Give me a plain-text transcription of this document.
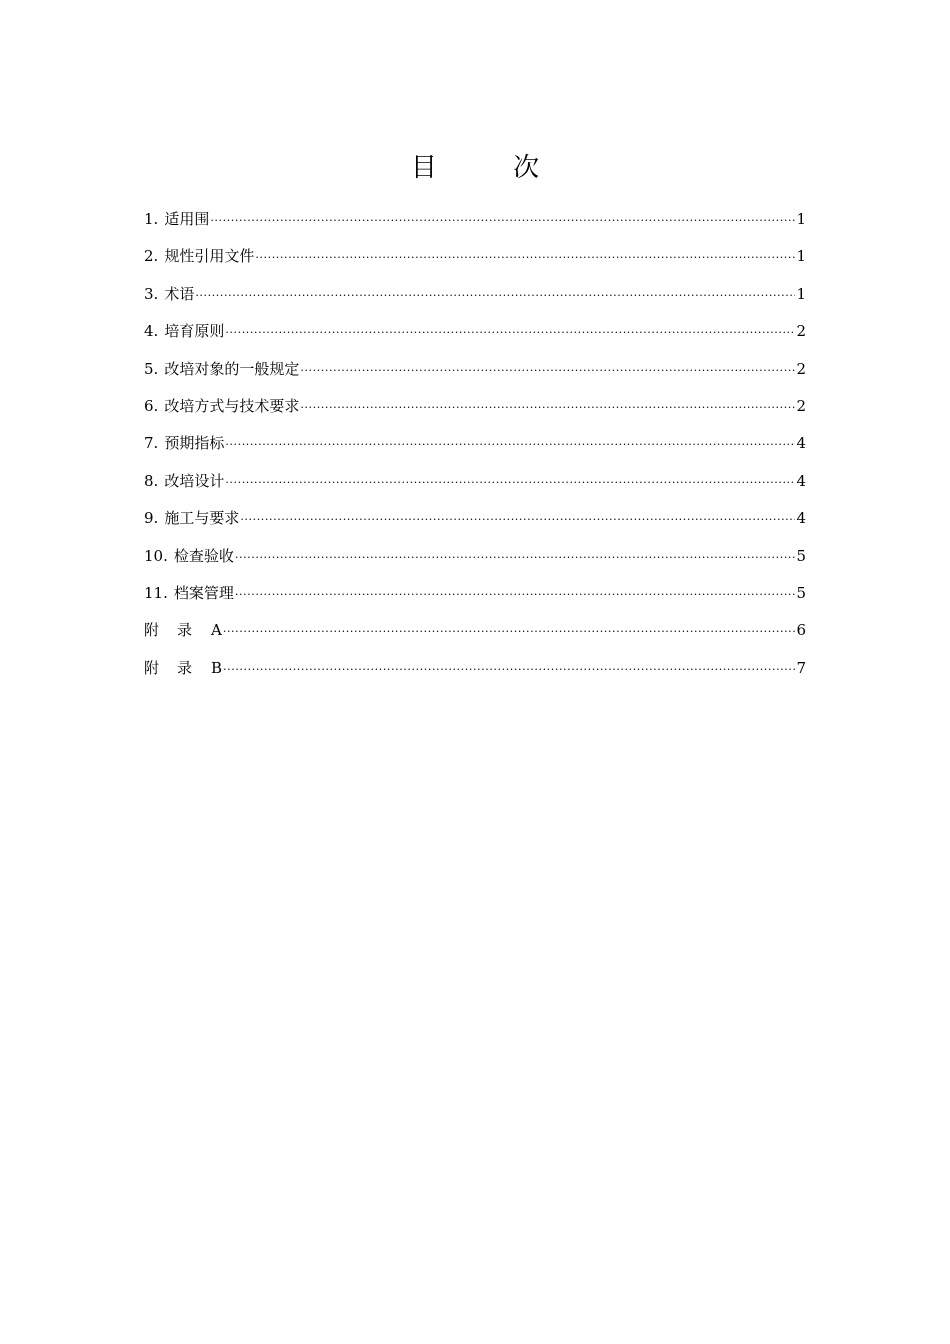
目 次
1. 适用围 .....	1
2. 规性引用文件 .....	1
3. 术语 .....	1
4. 培育原则 .....	2
5. 改培对象的一般规定 .....	2
6. 改培方式与技术要求 .....	2
7. 预期指标 .....	4
8. 改培设计 .....	4
9. 施工与要求 .....	4
10. 检查验收 .....	5
11. 档案管理 .....	5
附录A .....	6
附录B .....	7
